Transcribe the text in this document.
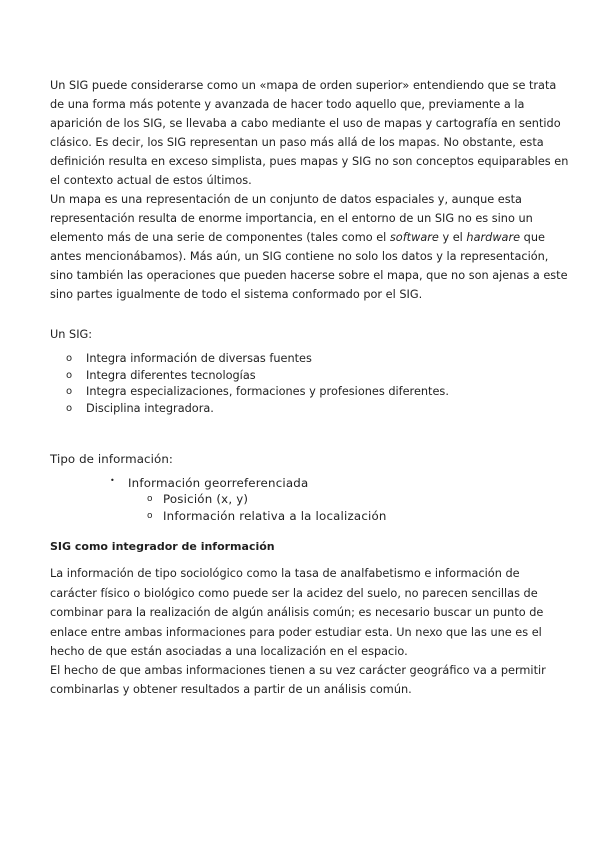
Un SIG puede considerarse como un «mapa de orden superior» entendiendo que se trata
de una forma más potente y avanzada de hacer todo aquello que, previamente a la
aparición de los SIG, se llevaba a cabo mediante el uso de mapas y cartografía en sentido
clásico. Es decir, los SIG representan un paso más allá de los mapas. No obstante, esta
definición resulta en exceso simplista, pues mapas y SIG no son conceptos equiparables en
el contexto actual de estos últimos.
Un mapa es una representación de un conjunto de datos espaciales y, aunque esta
representación resulta de enorme importancia, en el entorno de un SIG no es sino un
elemento más de una serie de componentes (tales como el software y el hardware que
antes mencionábamos). Más aún, un SIG contiene no solo los datos y la representación,
sino también las operaciones que pueden hacerse sobre el mapa, que no son ajenas a este
sino partes igualmente de todo el sistema conformado por el SIG.
Un SIG:
o Integra información de diversas fuentes
o Integra diferentes tecnologías
o Integra especializaciones, formaciones y profesiones diferentes.
o Disciplina integradora.
Tipo de información:
• Información georreferenciada
o Posición (x, y)
o Información relativa a la localización
SIG como integrador de información
La información de tipo sociológico como la tasa de analfabetismo e información de
carácter físico o biológico como puede ser la acidez del suelo, no parecen sencillas de
combinar para la realización de algún análisis común; es necesario buscar un punto de
enlace entre ambas informaciones para poder estudiar esta. Un nexo que las une es el
hecho de que están asociadas a una localización en el espacio.
El hecho de que ambas informaciones tienen a su vez carácter geográfico va a permitir
combinarlas y obtener resultados a partir de un análisis común.
